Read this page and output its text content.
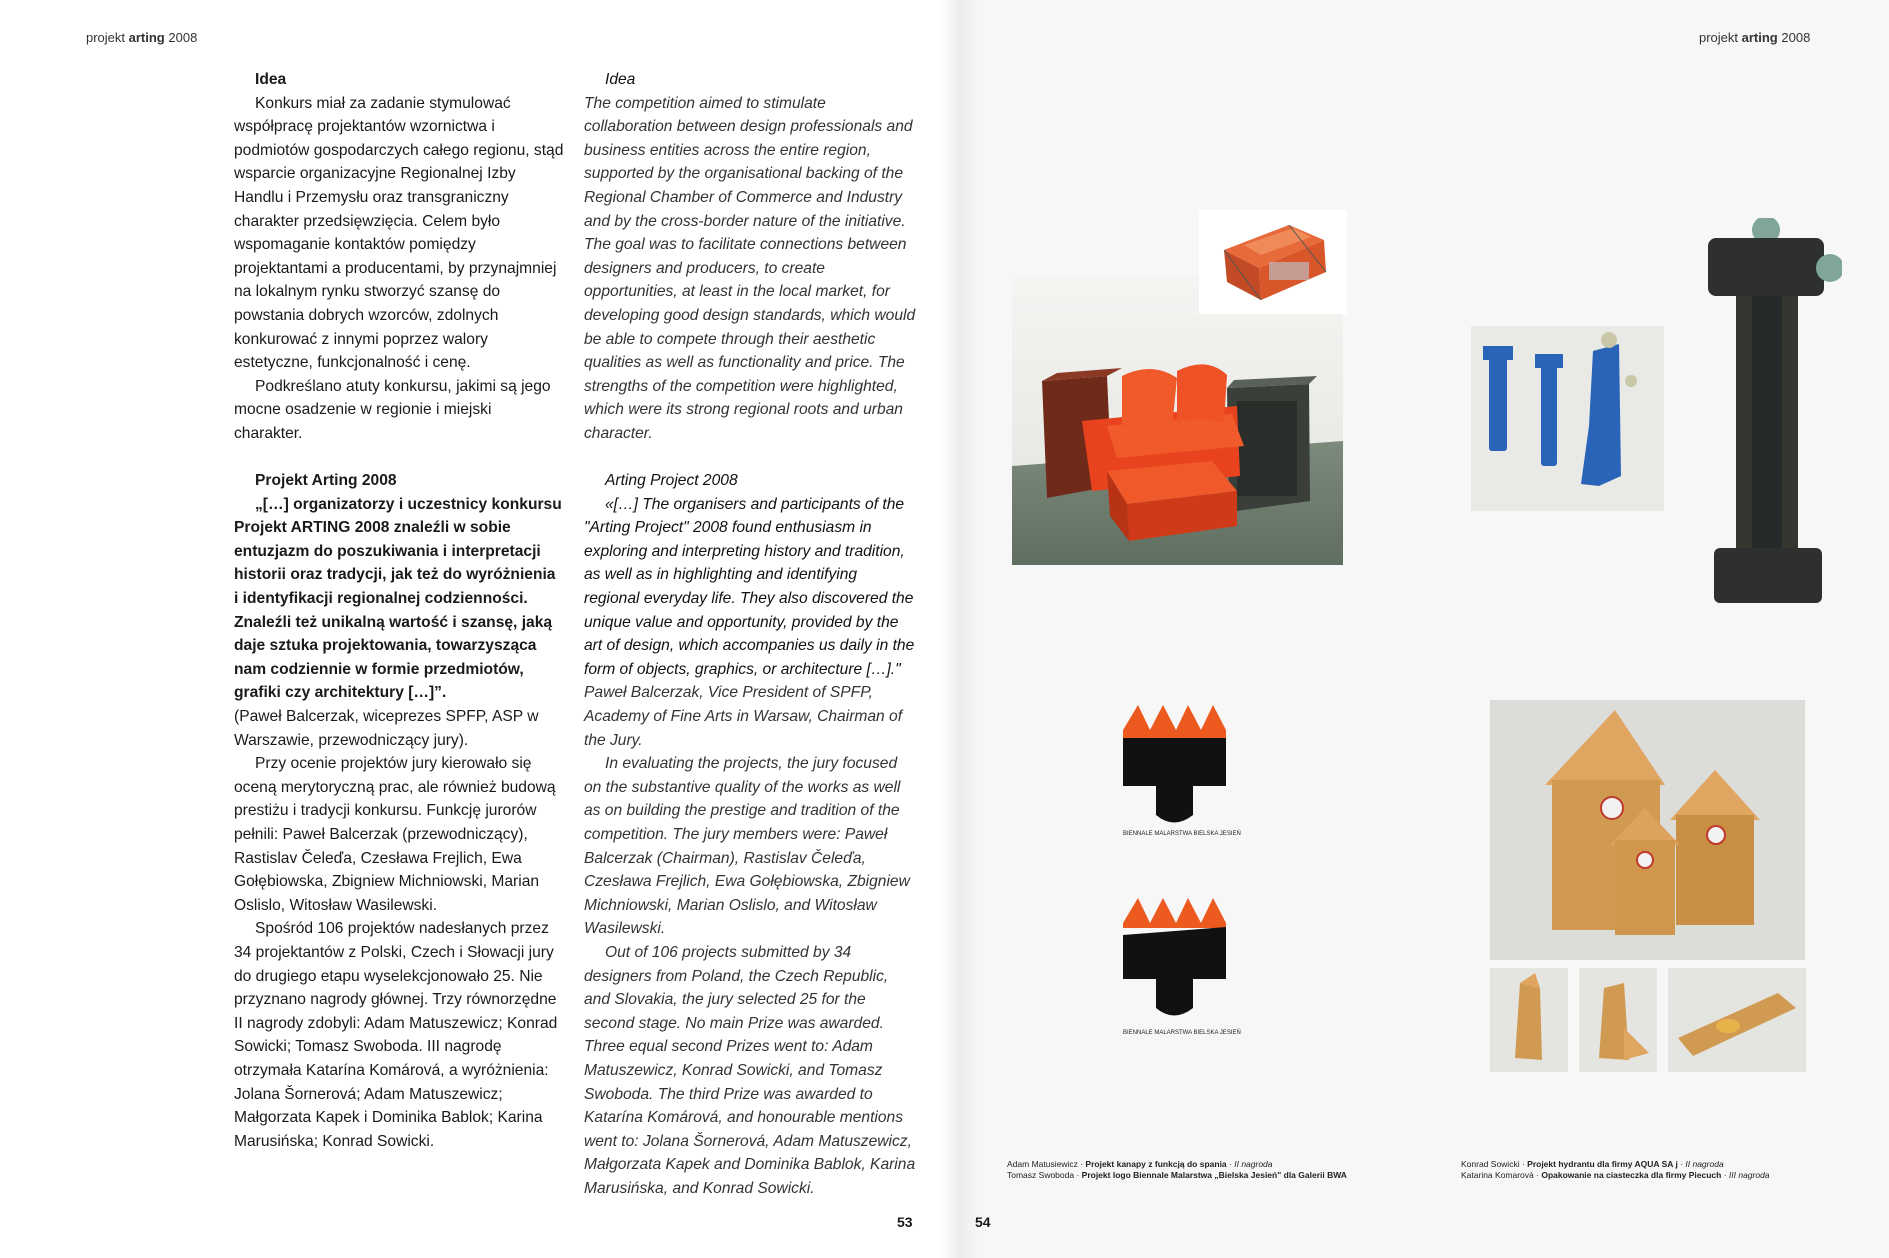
projekt arting 2008	projekt arting 2008
Idea

Konkurs miał za zadanie stymulować współpracę projektantów wzornictwa i podmiotów gospodarczych całego regionu, stąd wsparcie organizacyjne Regionalnej Izby Handlu i Przemysłu oraz transgraniczny charakter przedsięwzięcia. Celem było wspomaganie kontaktów pomiędzy projektantami a producentami, by przynajmniej na lokalnym rynku stworzyć szansę do powstania dobrych wzorców, zdolnych konkurować z innymi poprzez walory estetyczne, funkcjonalność i cenę.

Podkreślano atuty konkursu, jakimi są jego mocne osadzenie w regionie i miejski charakter.

Projekt Arting 2008

„[…] organizatorzy i uczestnicy konkursu Projekt ARTING 2008 znaleźli w sobie entuzjazm do poszukiwania i interpretacji historii oraz tradycji, jak też do wyróżnienia i identyfikacji regionalnej codzienności. Znaleźli też unikalną wartość i szansę, jaką daje sztuka projektowania, towarzysząca nam codziennie w formie przedmiotów, grafiki czy architektury […]”.

(Paweł Balcerzak, wiceprezes SPFP, ASP w Warszawie, przewodniczący jury).

Przy ocenie projektów jury kierowało się oceną merytoryczną prac, ale również budową prestiżu i tradycji konkursu. Funkcję jurorów pełnili: Paweł Balcerzak (przewodniczący), Rastislav Čeleďa, Czesława Frejlich, Ewa Gołębiowska, Zbigniew Michniowski, Marian Oslislo, Witosław Wasilewski.

Spośród 106 projektów nadesłanych przez 34 projektantów z Polski, Czech i Słowacji jury do drugiego etapu wyselekcjonowało 25. Nie przyznano nagrody głównej. Trzy równorzędne II nagrody zdobyli: Adam Matuszewicz; Konrad Sowicki; Tomasz Swoboda. III nagrodę otrzymała Katarína Komárová, a wyróżnienia: Jolana Šornerová; Adam Matuszewicz; Małgorzata Kapek i Dominika Bablok; Karina Marusińska; Konrad Sowicki.

Idea

The competition aimed to stimulate collaboration between design professionals and business entities across the entire region, supported by the organisational backing of the Regional Chamber of Commerce and Industry and by the cross-border nature of the initiative. The goal was to facilitate connections between designers and producers, to create opportunities, at least in the local market, for developing good design standards, which would be able to compete through their aesthetic qualities as well as functionality and price. The strengths of the competition were highlighted, which were its strong regional roots and urban character.

Arting Project 2008

«[…] The organisers and participants of the "Arting Project" 2008 found enthusiasm in exploring and interpreting history and tradition, as well as in highlighting and identifying regional everyday life. They also discovered the unique value and opportunity, provided by the art of design, which accompanies us daily in the form of objects, graphics, or architecture […]."

Paweł Balcerzak, Vice President of SPFP, Academy of Fine Arts in Warsaw, Chairman of the Jury.

In evaluating the projects, the jury focused on the substantive quality of the works as well as on building the prestige and tradition of the competition. The jury members were: Paweł Balcerzak (Chairman), Rastislav Čeleďa, Czesława Frejlich, Ewa Gołębiowska, Zbigniew Michniowski, Marian Oslislo, and Witosław Wasilewski.

Out of 106 projects submitted by 34 designers from Poland, the Czech Republic, and Slovakia, the jury selected 25 for the second stage. No main Prize was awarded. Three equal second Prizes went to: Adam Matuszewicz, Konrad Sowicki, and Tomasz Swoboda. The third Prize was awarded to Katarína Komárová, and honourable mentions went to: Jolana Šornerová, Adam Matuszewicz, Małgorzata Kapek and Dominika Bablok, Karina Marusińska, and Konrad Sowicki.

53	54
BIENNALE MALARSTWA BIELSKA JESIEŃ
BIENNALE MALARSTWA BIELSKA JESIEŃ
Adam Matusiewicz · Projekt kanapy z funkcją do spania · II nagroda
Tomasz Swoboda · Projekt logo Biennale Malarstwa „Bielska Jesień" dla Galerii BWA
Konrad Sowicki · Projekt hydrantu dla firmy AQUA SA j · II nagroda
Katarina Komarová · Opakowanie na ciasteczka dla firmy Piecuch · III nagroda
